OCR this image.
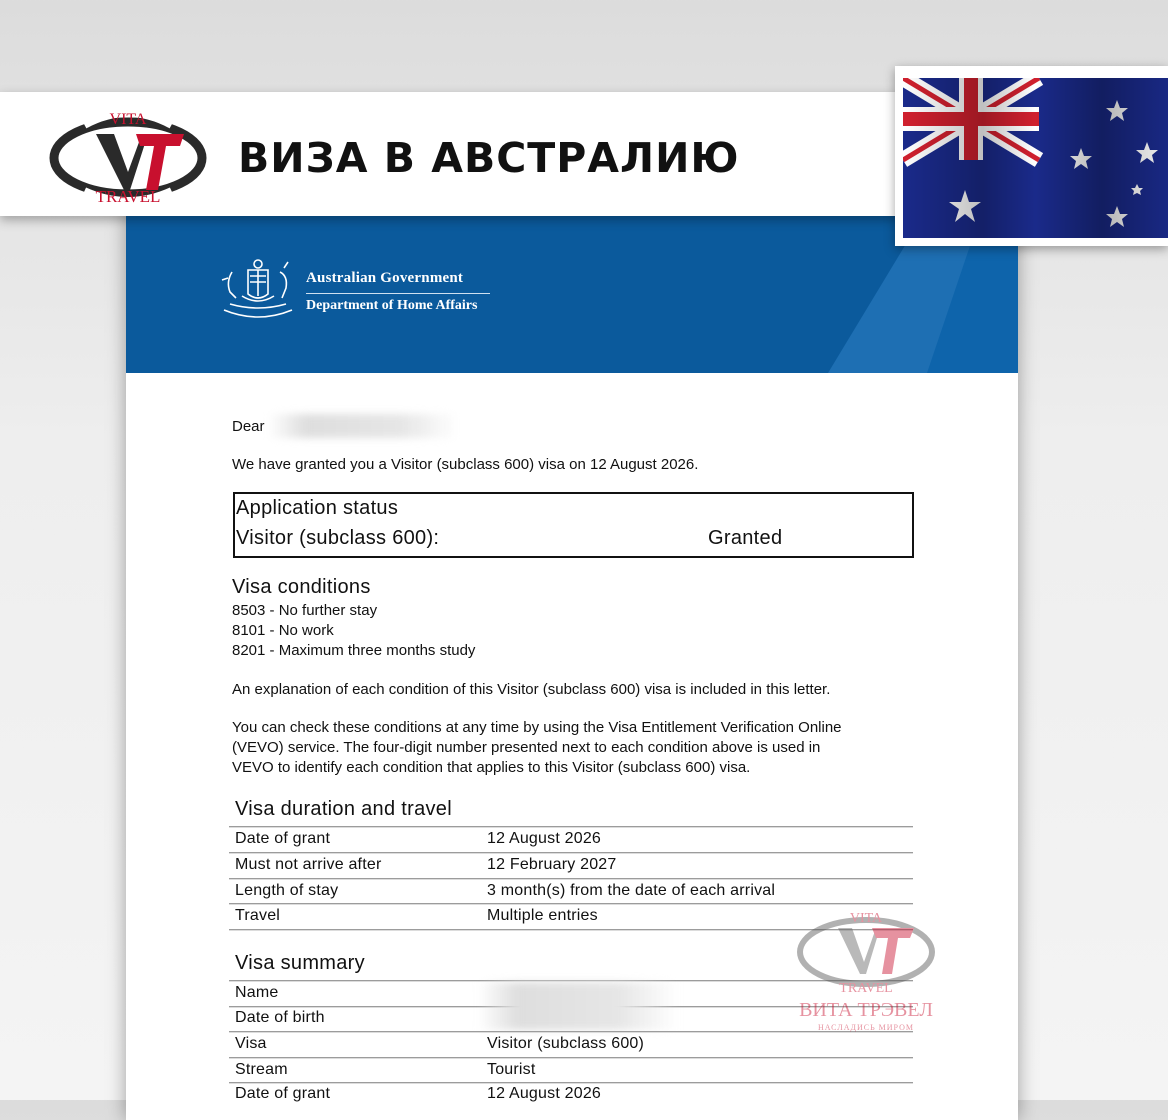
Australian Government
Department of Home Affairs
VITA
TRAVEL
ВИЗА В АВСТРАЛИЮ
Dear
We have granted you a Visitor (subclass 600) visa on 12 August 2026.
Application status
Visitor (subclass 600):	Granted
Visa conditions
8503 - No further stay
8101 - No work
8201 - Maximum three months study
An explanation of each condition of this Visitor (subclass 600) visa is included in this letter.
You can check these conditions at any time by using the Visa Entitlement Verification Online
(VEVO) service. The four-digit number presented next to each condition above is used in
VEVO to identify each condition that applies to this Visitor (subclass 600) visa.
Visa duration and travel
Date of grant	12 August 2026
Must not arrive after	12 February 2027
Length of stay	3 month(s) from the date of each arrival
Travel	Multiple entries
Visa summary
Name
Date of birth
Visa	Visitor (subclass 600)
Stream	Tourist
Date of grant	12 August 2026
VITA
TRAVEL
ВИТА ТРЭВЕЛ
НАСЛАДИСЬ МИРОМ
